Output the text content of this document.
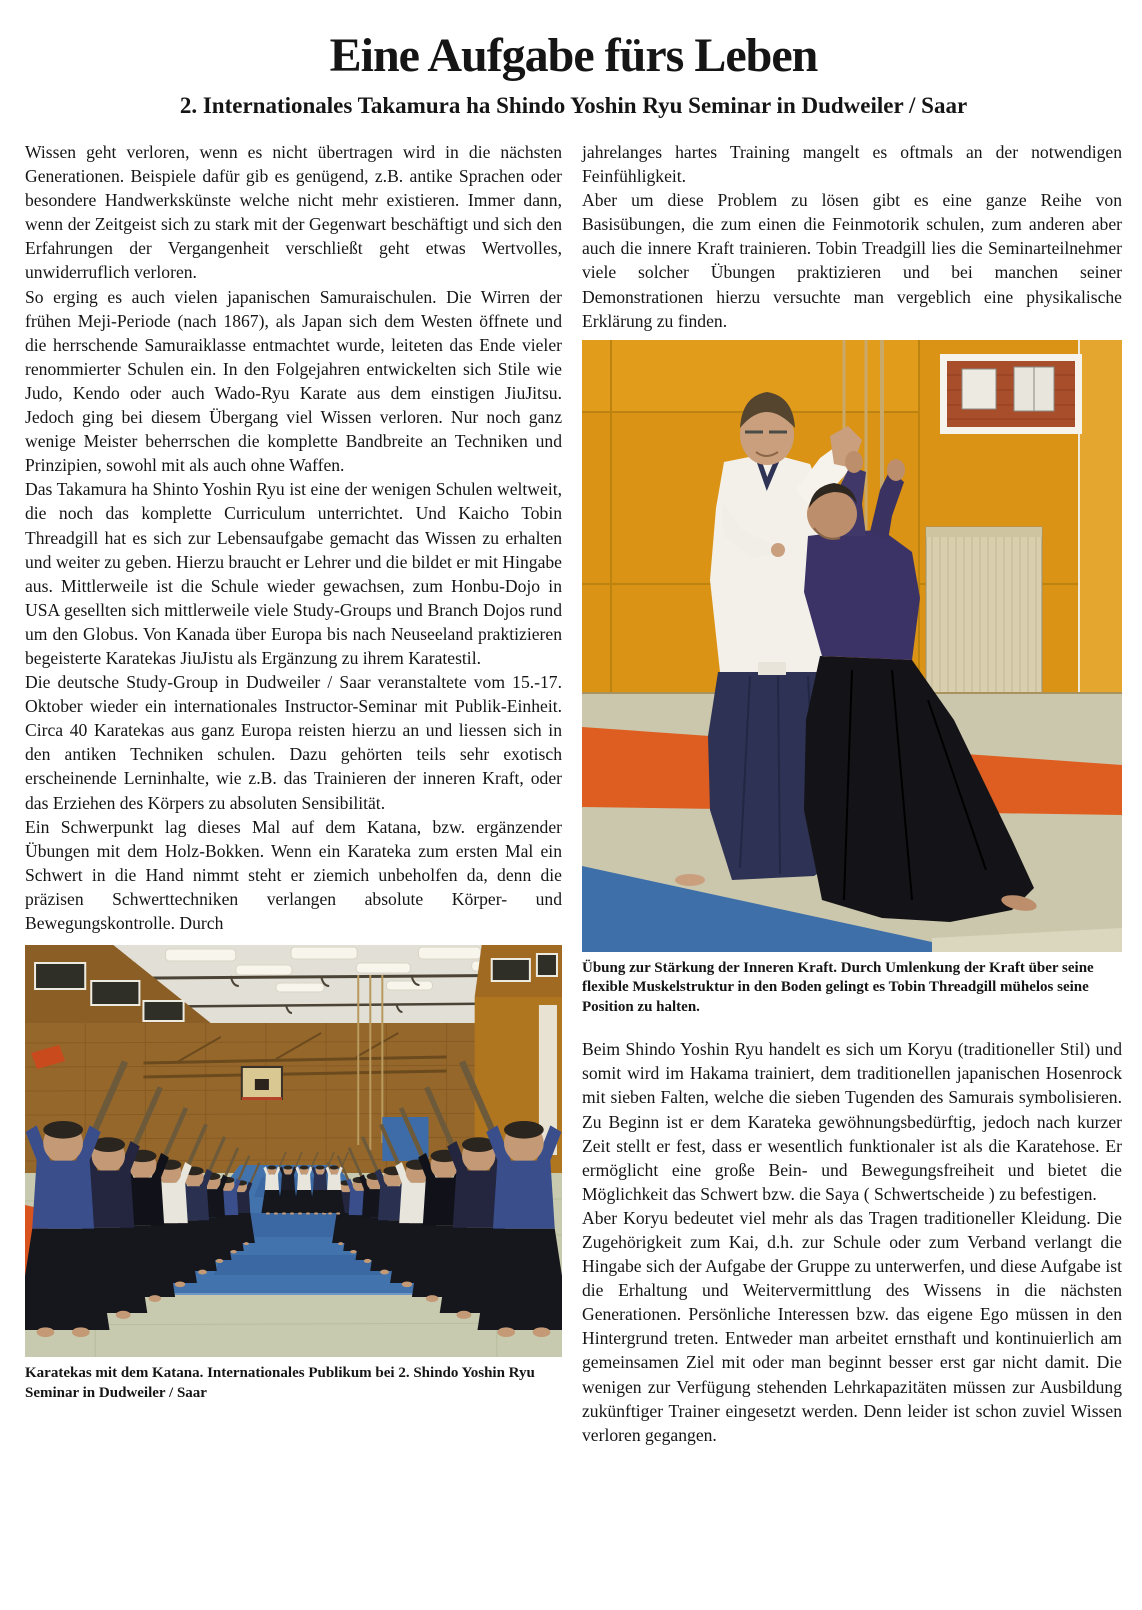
Eine Aufgabe fürs Leben
2. Internationales Takamura ha Shindo Yoshin Ryu Seminar in Dudweiler / Saar

Wissen geht verloren, wenn es nicht übertragen wird in die nächsten Generationen. Beispiele dafür gib es genügend, z.B. antike Sprachen oder besondere Handwerkskünste welche nicht mehr existieren. Immer dann, wenn der Zeitgeist sich zu stark mit der Gegenwart beschäftigt und sich den Erfahrungen der Vergangenheit verschließt geht etwas Wertvolles, unwiderruflich verloren.

So erging es auch vielen japanischen Samuraischulen. Die Wirren der frühen Meji-Periode (nach 1867), als Japan sich dem Westen öffnete und die herrschende Samuraiklasse entmachtet wurde, leiteten das Ende vieler renommierter Schulen ein. In den Folgejahren entwickelten sich Stile wie Judo, Kendo oder auch Wado-Ryu Karate aus dem einstigen JiuJitsu. Jedoch ging bei diesem Übergang viel Wissen verloren. Nur noch ganz wenige Meister beherrschen die komplette Bandbreite an Techniken und Prinzipien, sowohl mit als auch ohne Waffen.

Das Takamura ha Shinto Yoshin Ryu ist eine der wenigen Schulen weltweit, die noch das komplette Curriculum unterrichtet. Und Kaicho Tobin Threadgill hat es sich zur Lebensaufgabe gemacht das Wissen zu erhalten und weiter zu geben. Hierzu braucht er Lehrer und die bildet er mit Hingabe aus. Mittlerweile ist die Schule wieder gewachsen, zum Honbu-Dojo in USA gesellten sich mittlerweile viele Study-Groups und Branch Dojos rund um den Globus. Von Kanada über Europa bis nach Neuseeland praktizieren begeisterte Karatekas JiuJistu als Ergänzung zu ihrem Karatestil.

Die deutsche Study-Group in Dudweiler / Saar veranstaltete vom 15.-17. Oktober wieder ein internationales Instructor-Seminar mit Publik-Einheit. Circa 40 Karatekas aus ganz Europa reisten hierzu an und liessen sich in den antiken Techniken schulen. Dazu gehörten teils sehr exotisch erscheinende Lerninhalte, wie z.B. das Trainieren der inneren Kraft, oder das Erziehen des Körpers zu absoluten Sensibilität.

Ein Schwerpunkt lag dieses Mal auf dem Katana, bzw. ergänzender Übungen mit dem Holz-Bokken. Wenn ein Karateka zum ersten Mal ein Schwert in die Hand nimmt steht er ziemich unbeholfen da, denn die präzisen Schwerttechniken verlangen absolute Körper- und Bewegungskontrolle. Durch

Karatekas mit dem Katana. Internationales Publikum bei 2. Shindo Yoshin Ryu Seminar in Dudweiler / Saar

jahrelanges hartes Training mangelt es oftmals an der notwendigen Feinfühligkeit.

Aber um diese Problem zu lösen gibt es eine ganze Reihe von Basisübungen, die zum einen die Feinmotorik schulen, zum anderen aber auch die innere Kraft trainieren. Tobin Treadgill lies die Seminarteilnehmer viele solcher Übungen praktizieren und bei manchen seiner Demonstrationen hierzu versuchte man vergeblich eine physikalische Erklärung zu finden.

Übung zur Stärkung der Inneren Kraft. Durch Umlenkung der Kraft über seine flexible Muskelstruktur in den Boden gelingt es Tobin Threadgill mühelos seine Position zu halten.

Beim Shindo Yoshin Ryu handelt es sich um Koryu (traditioneller Stil) und somit wird im Hakama trainiert, dem traditionellen japanischen Hosenrock mit sieben Falten, welche die sieben Tugenden des Samurais symbolisieren. Zu Beginn ist er dem Karateka gewöhnungsbedürftig, jedoch nach kurzer Zeit stellt er fest, dass er wesentlich funktionaler ist als die Karatehose. Er ermöglicht eine große Bein- und Bewegungsfreiheit und bietet die Möglichkeit das Schwert bzw. die Saya ( Schwertscheide ) zu befestigen.

Aber Koryu bedeutet viel mehr als das Tragen traditioneller Kleidung. Die Zugehörigkeit zum Kai, d.h. zur Schule oder zum Verband verlangt die Hingabe sich der Aufgabe der Gruppe zu unterwerfen, und diese Aufgabe ist die Erhaltung und Weitervermittlung des Wissens in die nächsten Generationen. Persönliche Interessen bzw. das eigene Ego müssen in den Hintergrund treten. Entweder man arbeitet ernsthaft und kontinuierlich am gemeinsamen Ziel mit oder man beginnt besser erst gar nicht damit. Die wenigen zur Verfügung stehenden Lehrkapazitäten müssen zur Ausbildung zukünftiger Trainer eingesetzt werden. Denn leider ist schon zuviel Wissen verloren gegangen.
